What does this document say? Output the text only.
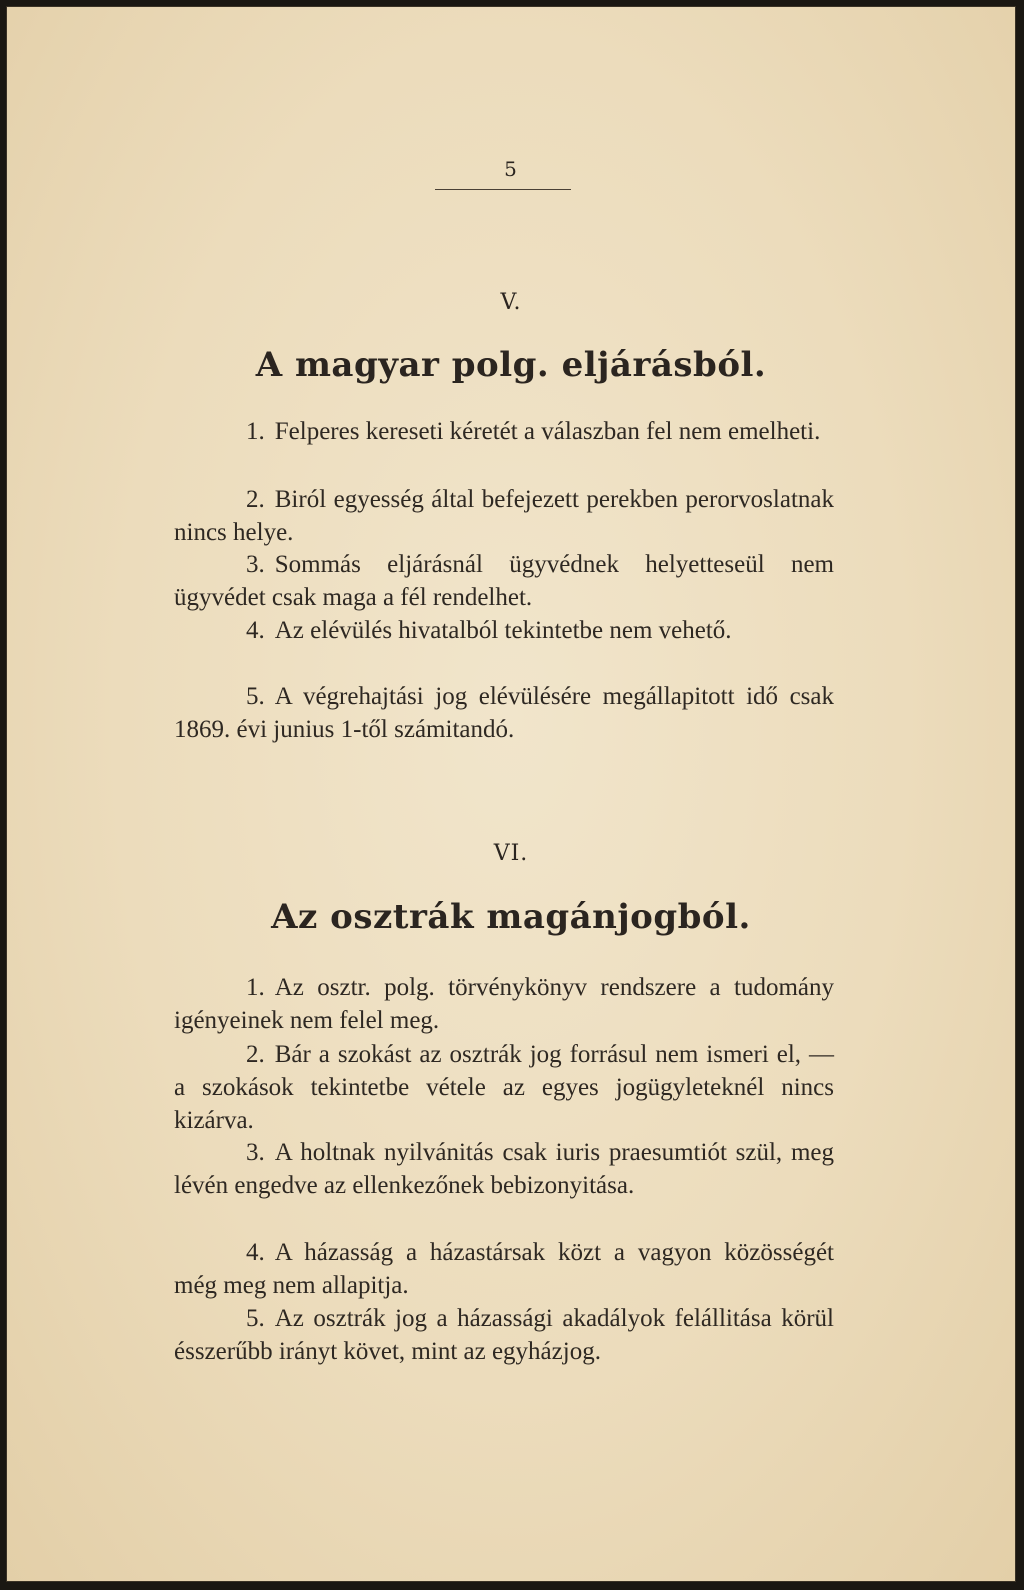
5
V.
A magyar polg. eljárásból.

1. Felperes kereseti kéretét a válaszban fel nem emelheti.

2. Biról egyesség által befejezett perekben perorvoslatnak nincs helye.

3. Sommás eljárásnál ügyvédnek helyetteseül nem ügyvédet csak maga a fél rendelhet.

4. Az elévülés hivatalból tekintetbe nem vehető.

5. A végrehajtási jog elévülésére megállapitott idő csak 1869. évi junius 1-től számitandó.

VI.
Az osztrák magánjogból.

1. Az osztr. polg. törvénykönyv rendszere a tudomány igényeinek nem felel meg.

2. Bár a szokást az osztrák jog forrásul nem ismeri el, — a szokások tekintetbe vétele az egyes jogügyleteknél nincs kizárva.

3. A holtnak nyilvánitás csak iuris praesumtiót szül, meg lévén engedve az ellenkezőnek bebizonyitása.

4. A házasság a házastársak közt a vagyon közösségét még meg nem allapitja.

5. Az osztrák jog a házassági akadályok felállitása körül ésszerűbb irányt követ, mint az egyházjog.
